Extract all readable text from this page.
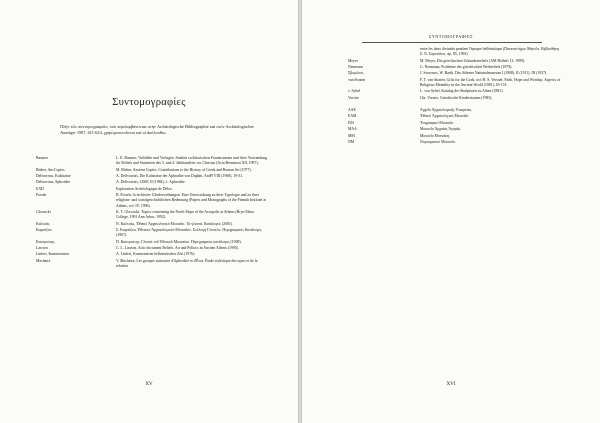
Συντομογραφίες
Πλήν τῶν συντομογραφιῶν, ποὺ περιλαμβάνονται στὴν Archäologische Bibliographie καὶ στὸν Archäologischer Anzeiger 1997, 611-624, χρησιμοποιοῦνται καὶ οἱ ἀκόλουθες:
Baumer	L. E. Baumer, Vorbilder und Vorlagen. Studien zu klassischen Frauenstatuen und ihrer Verwendung für Reliefs und Statuetten des 5. und 4. Jahrhunderts vor Christus (Acta Bernensia XII, 1997).
Bieber, AncCopies	M. Bieber, Ancient Copies. Contributions to the History of Greek and Roman Art (1977).
Delivorrias, Kultstatue	A. Delivorrias, Die Kultstatue der Aphrodite von Daphni, AntPl VIII (1968), 19-31.
Delivorrias, Aphrodite	A. Delivorrias, LIMC II (1984), λ. Aphrodite.
EAD	Exploration Archéologique de Délos.
Forsén	B. Forsén, Griechische Gliederweihungen. Eine Untersuchung zu ihrer Typologie und zu ihrer religions- und sozialgeschichtlichen Bedeutung (Papers and Monographs of the Finnish Institute at Athens, vol. IV, 1996).
Glowacki	K. T. Glowacki, Topics concerning the North Slope of the Acropolis at Athens (Bryn Mawr College, 1991 Ann Arbor, 1992).
Καλτσάς	Ν. Καλτσάς, Ἐθνικὸ Ἀρχαιολογικὸ Μουσεῖο. Τὰ γλυπτά. Κατάλογος (2001).
Καρούζου	Σ. Καρούζου, Ἐθνικὸν Ἀρχαιολογικὸν Μουσεῖον. Συλλογὴ Γλυπτῶν. Περιγραφικὸς Κατάλογος (1967).
Καστριώτης	Π. Καστριώτης, Γλυπτὰ τοῦ Ἐθνικοῦ Μουσείου. Περιγραφικὸς κατάλογος (1908).
Lawton	C. L. Lawton, Attic document Reliefs. Art and Politics in Ancient Athens (1995).
Linfert, Kunstzentren	A. Linfert, Kunstzentren hellenistischer Zeit (1976).
Machaira	V. Machaira, Les groupes statuaires d'Aphrodite et d'Éros. Étude stylistique des types et de la relation
XV
ΣΥΝΤΟΜΟΓΡΑΦΙΕΣ
entre les deux divinités pendant l'époque hellénistique (Πανεπιστήμιο Ἀθηνῶν, Βιβλιοθήκη Σ. Ν. Σαριπόλου, ἀρ. 85, 1993).
Meyer	M. Meyer, Die griechischen Urkundenreliefs (AM Beiheft 13, 1989).
Neumann	G. Neumann, Probleme des griechischen Weihreliefs (1979).
Σβορῶνος	J. Svoronos, W. Barth, Das Athener Nationalmuseum I (1908), II (1911), III (1937).
van Straten	F. T. van Straten, Gifts for the Gods, στὸ H. S. Versnel, Faith, Hope and Worship. Aspects of Religious Mentality in the Ancient World (1981), 65-151.
v. Sybel	L. von Sybel, Katalog der Skulpturen zu Athen (1881).
Vorster	Chr. Vorster, Griechische Kinderstatuen (1983).
ΑΑΕ	Ἀρχεῖο Ἀρχαιολογικῆς Ἑταιρείας.
ΕΑΜ	Ἐθνικὸ Ἀρχαιολογικὸ Μουσεῖο.
ΕΜ	Ἐπιγραφικὸ Μουσεῖο.
ΜΑΑ	Μουσεῖο Ἀρχαίας Ἀγορᾶς.
ΜΜ	Μουσεῖο Μπενάκη.
ΝΜ	Νομισματικὸ Μουσεῖο.
XVI
